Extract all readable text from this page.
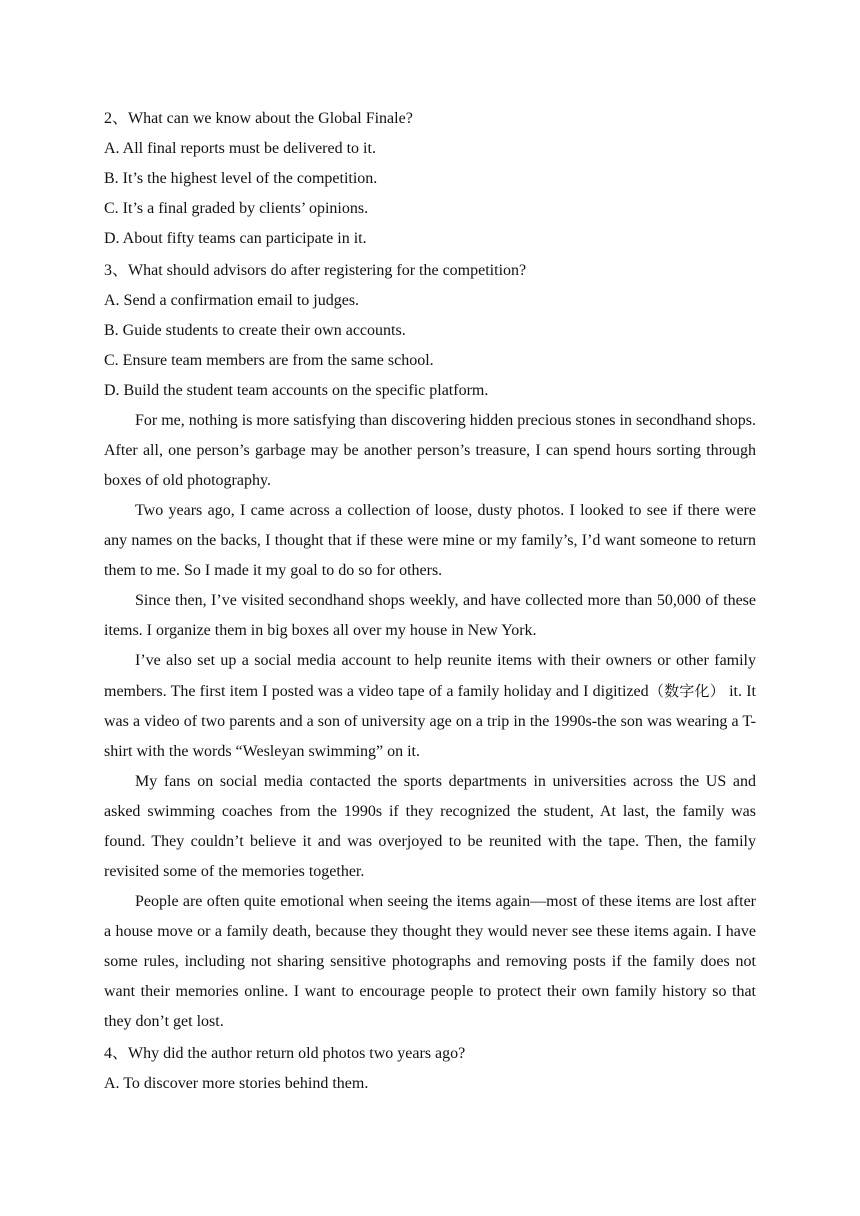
2、What can we know about the Global Finale?
A. All final reports must be delivered to it.
B. It’s the highest level of the competition.
C. It’s a final graded by clients’ opinions.
D. About fifty teams can participate in it.
3、What should advisors do after registering for the competition?
A. Send a confirmation email to judges.
B. Guide students to create their own accounts.
C. Ensure team members are from the same school.
D. Build the student team accounts on the specific platform.

For me, nothing is more satisfying than discovering hidden precious stones in secondhand shops. After all, one person’s garbage may be another person’s treasure, I can spend hours sorting through boxes of old photography.

Two years ago, I came across a collection of loose, dusty photos. I looked to see if there were any names on the backs, I thought that if these were mine or my family’s, I’d want someone to return them to me. So I made it my goal to do so for others.

Since then, I’ve visited secondhand shops weekly, and have collected more than 50,000 of these items. I organize them in big boxes all over my house in New York.

I’ve also set up a social media account to help reunite items with their owners or other family members. The first item I posted was a video tape of a family holiday and I digitized（数字化） it. It was a video of two parents and a son of university age on a trip in the 1990s-the son was wearing a T-shirt with the words “Wesleyan swimming” on it.

My fans on social media contacted the sports departments in universities across the US and asked swimming coaches from the 1990s if they recognized the student, At last, the family was found. They couldn’t believe it and was overjoyed to be reunited with the tape. Then, the family revisited some of the memories together.

People are often quite emotional when seeing the items again—most of these items are lost after a house move or a family death, because they thought they would never see these items again. I have some rules, including not sharing sensitive photographs and removing posts if the family does not want their memories online. I want to encourage people to protect their own family history so that they don’t get lost.

4、Why did the author return old photos two years ago?
A. To discover more stories behind them.
